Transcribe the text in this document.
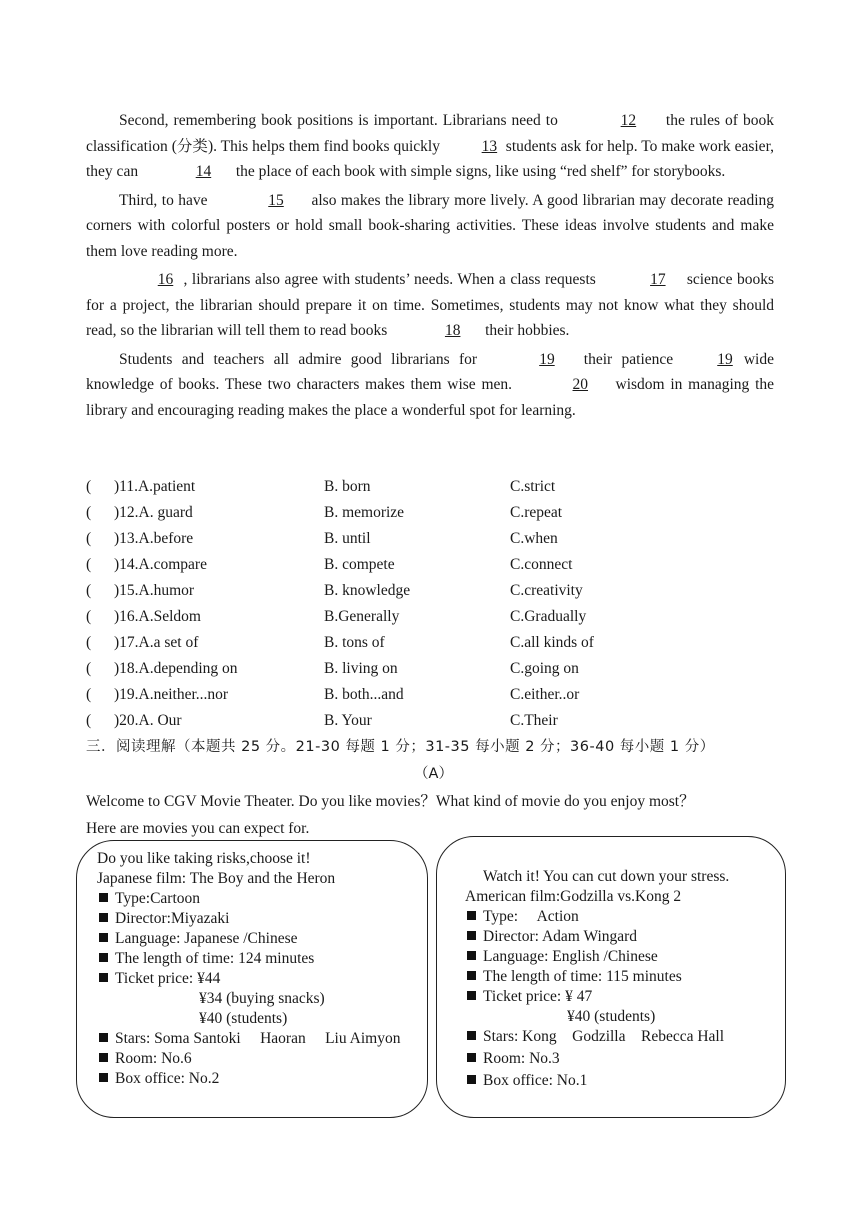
Second, remembering book positions is important. Librarians need to	12 the rules of book classification (分类). This helps them find books quickly 13 students ask for help. To make work easier, they can	14 the place of each book with simple signs, like using “red shelf” for storybooks.

Third, to have	15 also makes the library more lively. A good librarian may decorate reading corners with colorful posters or hold small book-sharing activities. These ideas involve students and make them love reading more.

16 , librarians also agree with students’ needs. When a class requests	17 science books for a project, the librarian should prepare it on time. Sometimes, students may not know what they should read, so the librarian will tell them to read books	18 their hobbies.

Students and teachers all admire good librarians for	19 their patience 19 wide knowledge of books. These two characters makes them wise men.	20 wisdom in managing the library and encouraging reading makes the place a wonderful spot for learning.

( )11.A.patient	B. born	C.strict
( )12.A. guard	B. memorize	C.repeat
( )13.A.before	B. until	C.when
( )14.A.compare	B. compete	C.connect
( )15.A.humor	B. knowledge	C.creativity
( )16.A.Seldom	B.Generally	C.Gradually
( )17.A.a set of	B. tons of	C.all kinds of
( )18.A.depending on	B. living on	C.going on
( )19.A.neither...nor	B. both...and	C.either..or
( )20.A. Our	B. Your	C.Their
三．阅读理解（本题共 25 分。21-30 每题 1 分；31-35 每小题 2 分；36-40 每小题 1 分）
（A）
Welcome to CGV Movie Theater. Do you like movies？What kind of movie do you enjoy most？
Here are movies you can expect for.
Do you like taking risks,choose it!
Japanese film: The Boy and the Heron
Type:Cartoon
Director:Miyazaki
Language: Japanese /Chinese
The length of time: 124 minutes
Ticket price: ¥44
¥34 (buying snacks)
¥40 (students)
Stars: Soma Santoki     Haoran     Liu Aimyon
Room: No.6
Box office: No.2
Watch it! You can cut down your stress.
American film:Godzilla vs.Kong 2
Type:     Action
Director: Adam Wingard
Language: English /Chinese
The length of time: 115 minutes
Ticket price: ¥ 47
¥40 (students)
Stars: Kong    Godzilla    Rebecca Hall
Room: No.3
Box office: No.1
